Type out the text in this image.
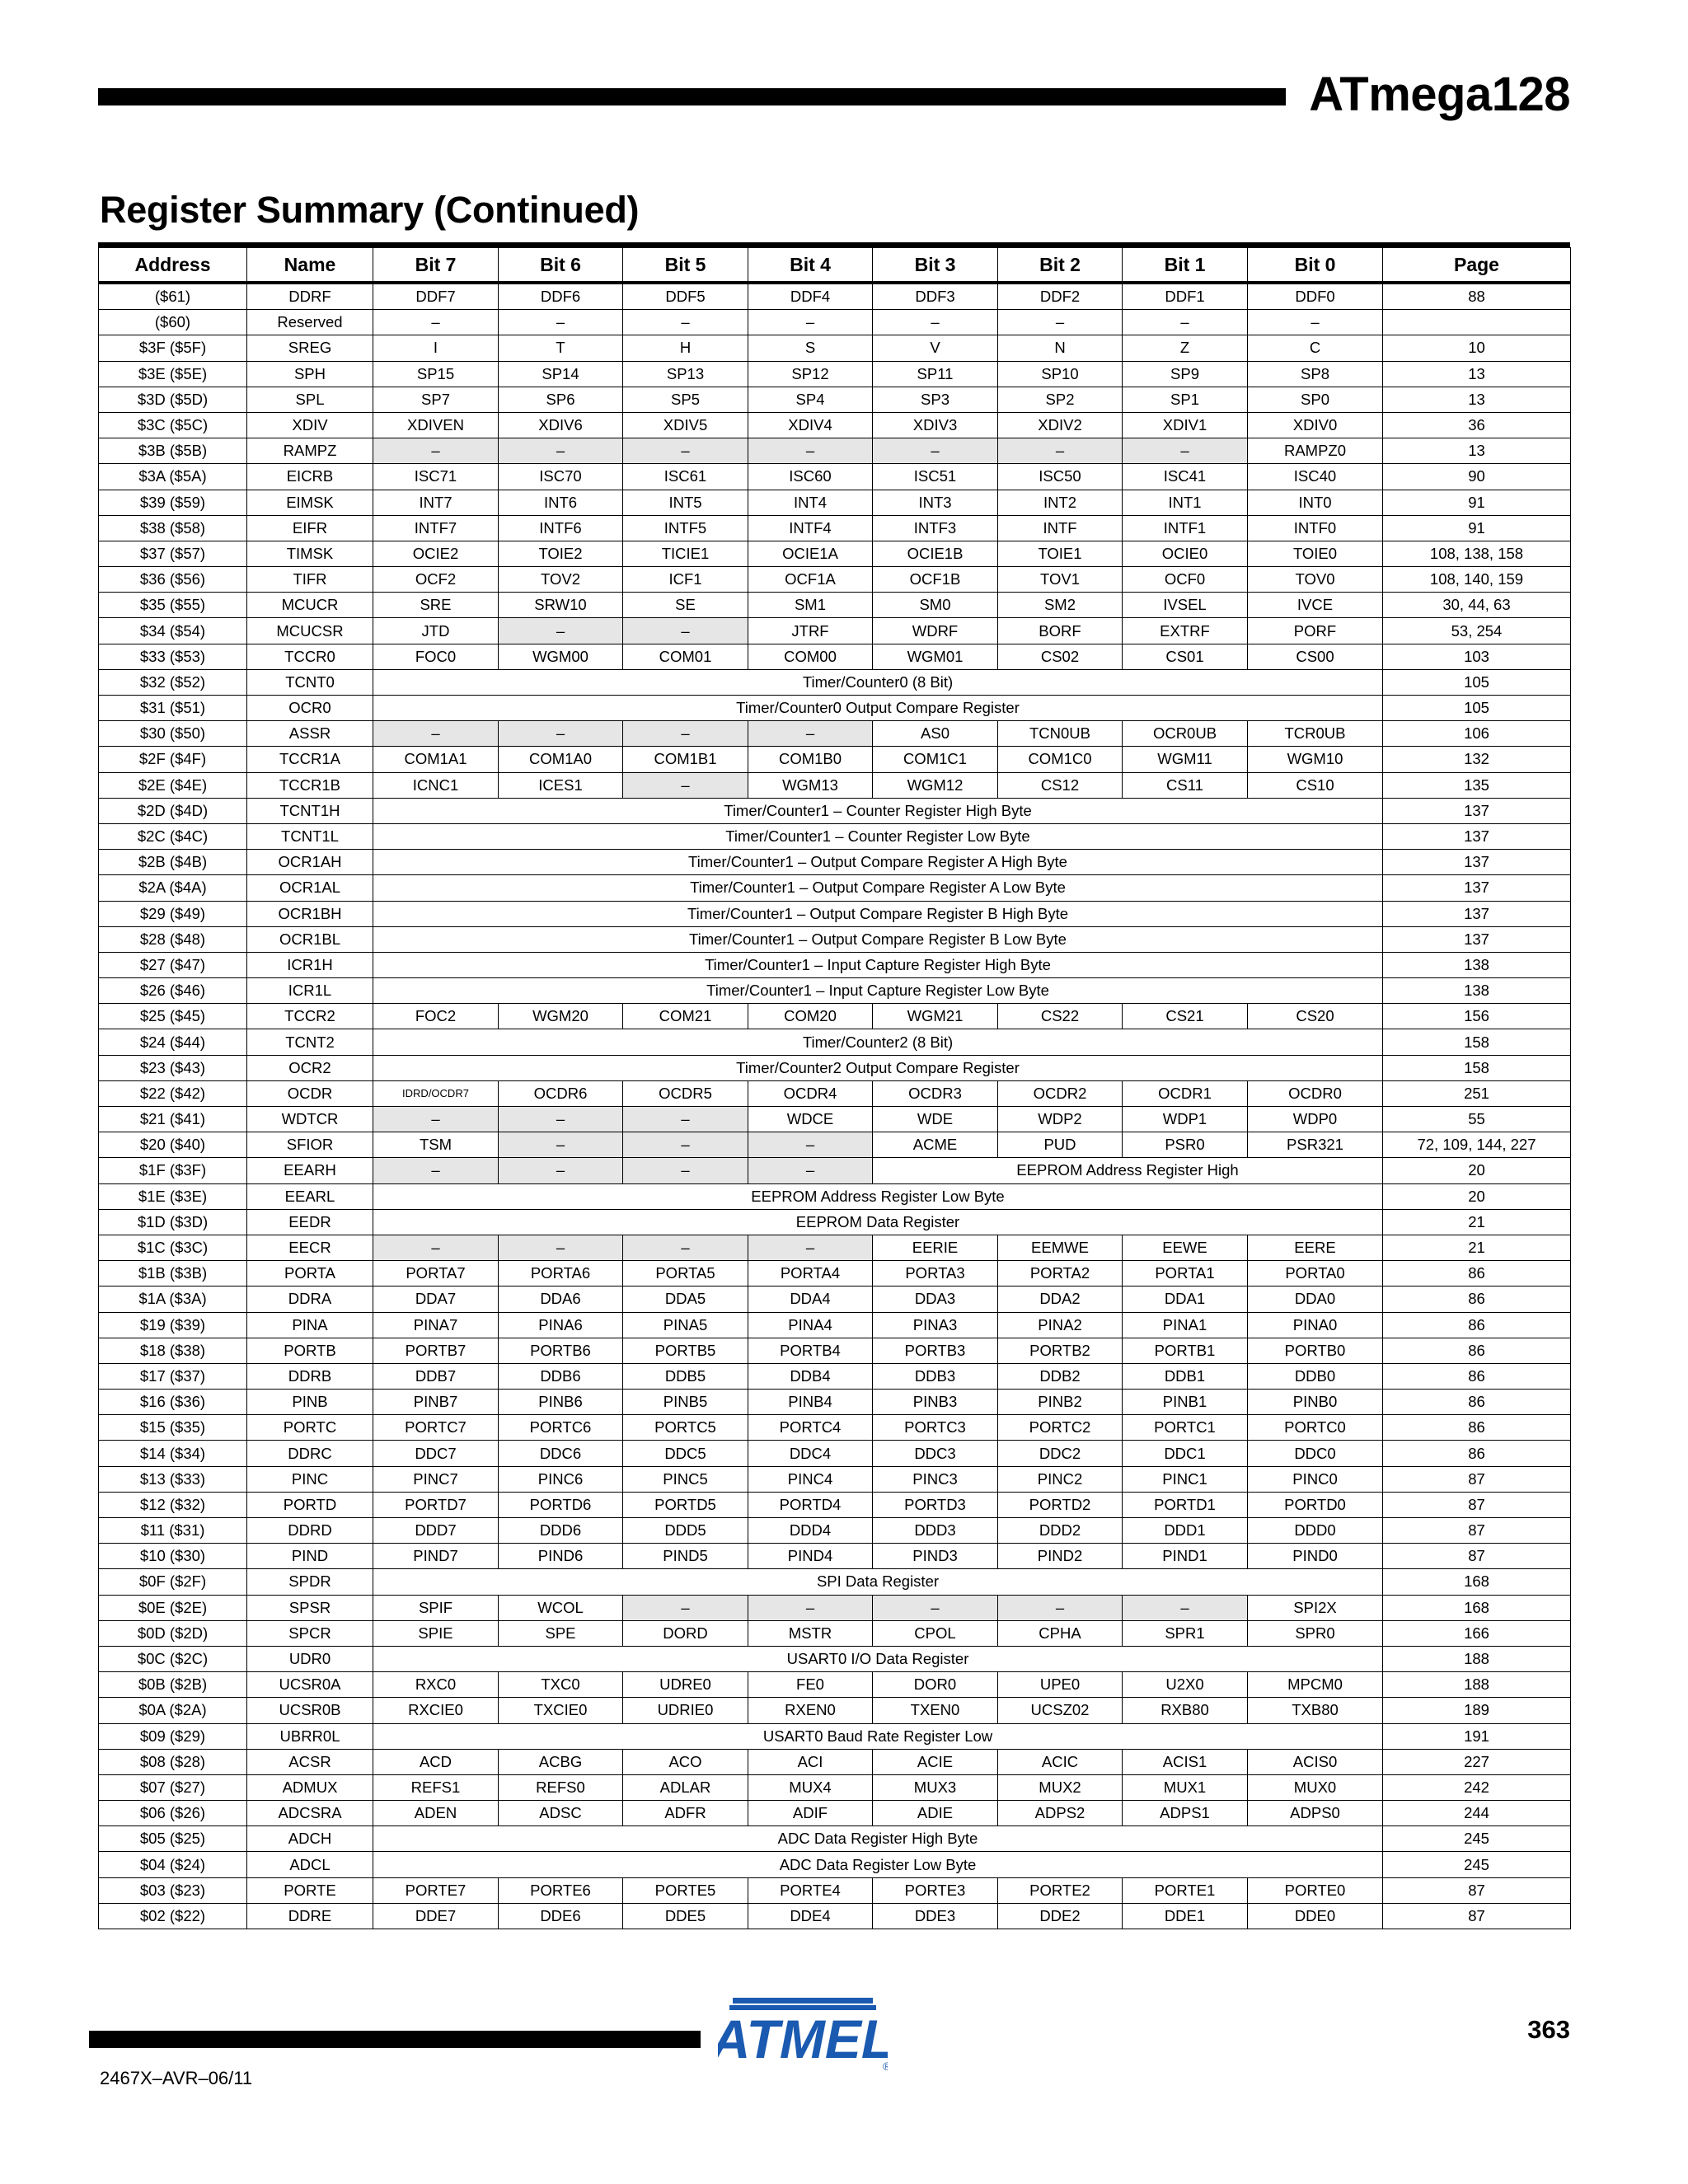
ATmega128
Register Summary (Continued)
Address	Name	Bit 7	Bit 6	Bit 5	Bit 4	Bit 3	Bit 2	Bit 1	Bit 0	Page
($61)	DDRF	DDF7	DDF6	DDF5	DDF4	DDF3	DDF2	DDF1	DDF0	88
($60)	Reserved	–	–	–	–	–	–	–	–	
$3F ($5F)	SREG	I	T	H	S	V	N	Z	C	10
$3E ($5E)	SPH	SP15	SP14	SP13	SP12	SP11	SP10	SP9	SP8	13
$3D ($5D)	SPL	SP7	SP6	SP5	SP4	SP3	SP2	SP1	SP0	13
$3C ($5C)	XDIV	XDIVEN	XDIV6	XDIV5	XDIV4	XDIV3	XDIV2	XDIV1	XDIV0	36
$3B ($5B)	RAMPZ	–	–	–	–	–	–	–	RAMPZ0	13
$3A ($5A)	EICRB	ISC71	ISC70	ISC61	ISC60	ISC51	ISC50	ISC41	ISC40	90
$39 ($59)	EIMSK	INT7	INT6	INT5	INT4	INT3	INT2	INT1	INT0	91
$38 ($58)	EIFR	INTF7	INTF6	INTF5	INTF4	INTF3	INTF	INTF1	INTF0	91
$37 ($57)	TIMSK	OCIE2	TOIE2	TICIE1	OCIE1A	OCIE1B	TOIE1	OCIE0	TOIE0	108, 138, 158
$36 ($56)	TIFR	OCF2	TOV2	ICF1	OCF1A	OCF1B	TOV1	OCF0	TOV0	108, 140, 159
$35 ($55)	MCUCR	SRE	SRW10	SE	SM1	SM0	SM2	IVSEL	IVCE	30, 44, 63
$34 ($54)	MCUCSR	JTD	–	–	JTRF	WDRF	BORF	EXTRF	PORF	53, 254
$33 ($53)	TCCR0	FOC0	WGM00	COM01	COM00	WGM01	CS02	CS01	CS00	103
$32 ($52)	TCNT0	Timer/Counter0 (8 Bit)								105
$31 ($51)	OCR0	Timer/Counter0 Output Compare Register								105
$30 ($50)	ASSR	–	–	–	–	AS0	TCN0UB	OCR0UB	TCR0UB	106
$2F ($4F)	TCCR1A	COM1A1	COM1A0	COM1B1	COM1B0	COM1C1	COM1C0	WGM11	WGM10	132
$2E ($4E)	TCCR1B	ICNC1	ICES1	–	WGM13	WGM12	CS12	CS11	CS10	135
$2D ($4D)	TCNT1H	Timer/Counter1 – Counter Register High Byte								137
$2C ($4C)	TCNT1L	Timer/Counter1 – Counter Register Low Byte								137
$2B ($4B)	OCR1AH	Timer/Counter1 – Output Compare Register A High Byte								137
$2A ($4A)	OCR1AL	Timer/Counter1 – Output Compare Register A Low Byte								137
$29 ($49)	OCR1BH	Timer/Counter1 – Output Compare Register B High Byte								137
$28 ($48)	OCR1BL	Timer/Counter1 – Output Compare Register B Low Byte								137
$27 ($47)	ICR1H	Timer/Counter1 – Input Capture Register High Byte								138
$26 ($46)	ICR1L	Timer/Counter1 – Input Capture Register Low Byte								138
$25 ($45)	TCCR2	FOC2	WGM20	COM21	COM20	WGM21	CS22	CS21	CS20	156
$24 ($44)	TCNT2	Timer/Counter2 (8 Bit)								158
$23 ($43)	OCR2	Timer/Counter2 Output Compare Register								158
$22 ($42)	OCDR	IDRD/OCDR7	OCDR6	OCDR5	OCDR4	OCDR3	OCDR2	OCDR1	OCDR0	251
$21 ($41)	WDTCR	–	–	–	WDCE	WDE	WDP2	WDP1	WDP0	55
$20 ($40)	SFIOR	TSM	–	–	–	ACME	PUD	PSR0	PSR321	72, 109, 144, 227
$1F ($3F)	EEARH	–	–	–	–	EEPROM Address Register High				20
$1E ($3E)	EEARL	EEPROM Address Register Low Byte								20
$1D ($3D)	EEDR	EEPROM Data Register								21
$1C ($3C)	EECR	–	–	–	–	EERIE	EEMWE	EEWE	EERE	21
$1B ($3B)	PORTA	PORTA7	PORTA6	PORTA5	PORTA4	PORTA3	PORTA2	PORTA1	PORTA0	86
$1A ($3A)	DDRA	DDA7	DDA6	DDA5	DDA4	DDA3	DDA2	DDA1	DDA0	86
$19 ($39)	PINA	PINA7	PINA6	PINA5	PINA4	PINA3	PINA2	PINA1	PINA0	86
$18 ($38)	PORTB	PORTB7	PORTB6	PORTB5	PORTB4	PORTB3	PORTB2	PORTB1	PORTB0	86
$17 ($37)	DDRB	DDB7	DDB6	DDB5	DDB4	DDB3	DDB2	DDB1	DDB0	86
$16 ($36)	PINB	PINB7	PINB6	PINB5	PINB4	PINB3	PINB2	PINB1	PINB0	86
$15 ($35)	PORTC	PORTC7	PORTC6	PORTC5	PORTC4	PORTC3	PORTC2	PORTC1	PORTC0	86
$14 ($34)	DDRC	DDC7	DDC6	DDC5	DDC4	DDC3	DDC2	DDC1	DDC0	86
$13 ($33)	PINC	PINC7	PINC6	PINC5	PINC4	PINC3	PINC2	PINC1	PINC0	87
$12 ($32)	PORTD	PORTD7	PORTD6	PORTD5	PORTD4	PORTD3	PORTD2	PORTD1	PORTD0	87
$11 ($31)	DDRD	DDD7	DDD6	DDD5	DDD4	DDD3	DDD2	DDD1	DDD0	87
$10 ($30)	PIND	PIND7	PIND6	PIND5	PIND4	PIND3	PIND2	PIND1	PIND0	87
$0F ($2F)	SPDR	SPI Data Register								168
$0E ($2E)	SPSR	SPIF	WCOL	–	–	–	–	–	SPI2X	168
$0D ($2D)	SPCR	SPIE	SPE	DORD	MSTR	CPOL	CPHA	SPR1	SPR0	166
$0C ($2C)	UDR0	USART0 I/O Data Register								188
$0B ($2B)	UCSR0A	RXC0	TXC0	UDRE0	FE0	DOR0	UPE0	U2X0	MPCM0	188
$0A ($2A)	UCSR0B	RXCIE0	TXCIE0	UDRIE0	RXEN0	TXEN0	UCSZ02	RXB80	TXB80	189
$09 ($29)	UBRR0L	USART0 Baud Rate Register Low								191
$08 ($28)	ACSR	ACD	ACBG	ACO	ACI	ACIE	ACIC	ACIS1	ACIS0	227
$07 ($27)	ADMUX	REFS1	REFS0	ADLAR	MUX4	MUX3	MUX2	MUX1	MUX0	242
$06 ($26)	ADCSRA	ADEN	ADSC	ADFR	ADIF	ADIE	ADPS2	ADPS1	ADPS0	244
$05 ($25)	ADCH	ADC Data Register High Byte								245
$04 ($24)	ADCL	ADC Data Register Low Byte								245
$03 ($23)	PORTE	PORTE7	PORTE6	PORTE5	PORTE4	PORTE3	PORTE2	PORTE1	PORTE0	87
$02 ($22)	DDRE	DDE7	DDE6	DDE5	DDE4	DDE3	DDE2	DDE1	DDE0	87
ATMEL
®
363
2467X–AVR–06/11
